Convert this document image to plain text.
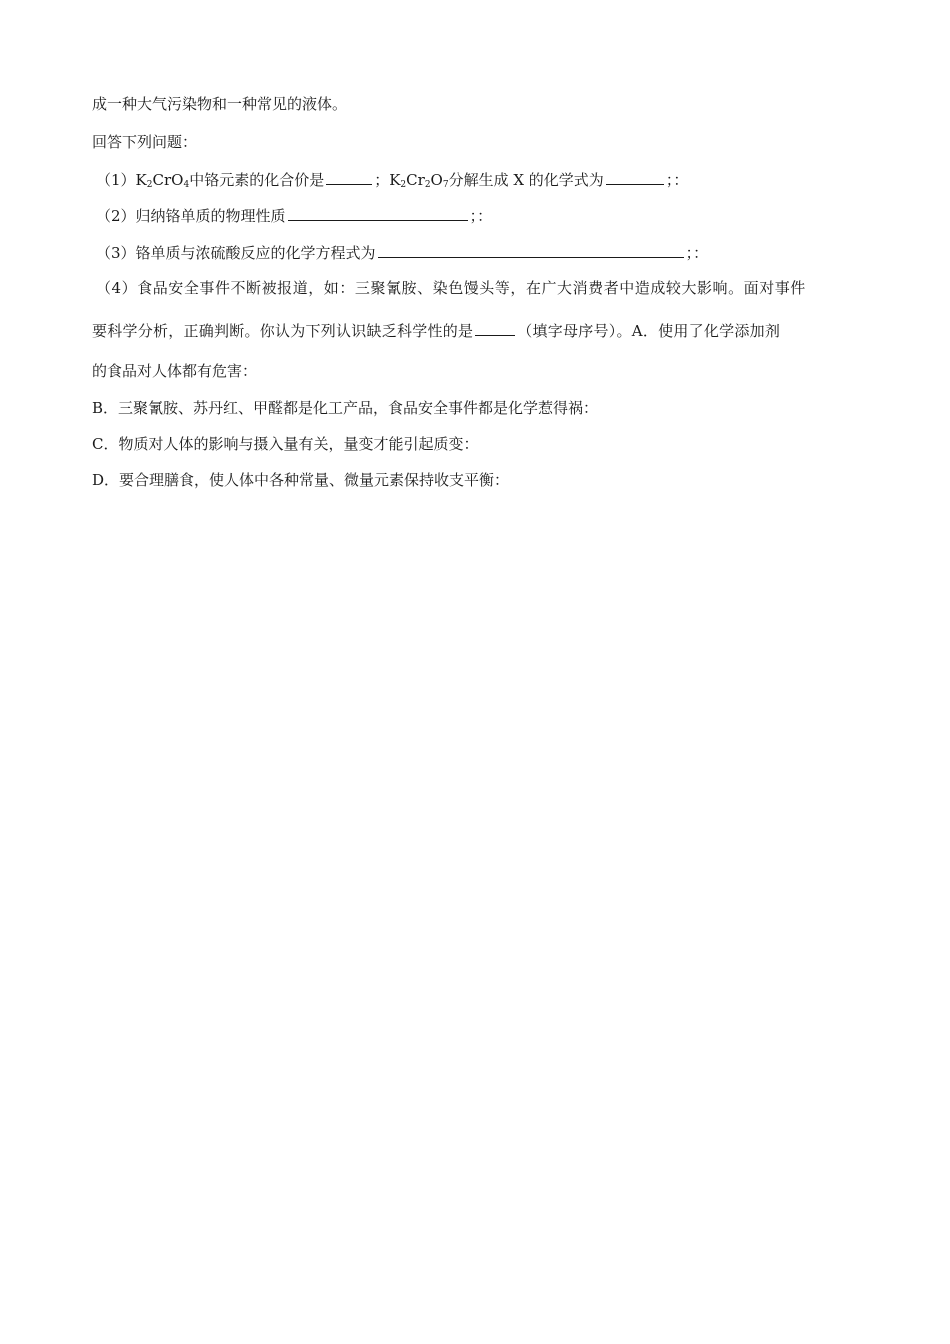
成一种大气污染物和一种常见的液体。
回答下列问题：
$(1)K_2CrO_4$中铬元素的化合价是	；$K_2Cr_2O_7$分解生成 X 的化学式为	；：
（2）归纳铬单质的物理性质	；：
（3）铬单质与浓硫酸反应的化学方程式为	；：
（4）食品安全事件不断被报道，如：三聚氰胺、染色馒头等，在广大消费者中造成较大影响。面对事件
要科学分析，正确判断。你认为下列认识缺乏科学性的是	（填字母序号）。A．使用了化学添加剂
的食品对人体都有危害：
B．三聚氰胺、苏丹红、甲醛都是化工产品，食品安全事件都是化学惹得祸：
C．物质对人体的影响与摄入量有关，量变才能引起质变：
D．要合理膳食，使人体中各种常量、微量元素保持收支平衡：
